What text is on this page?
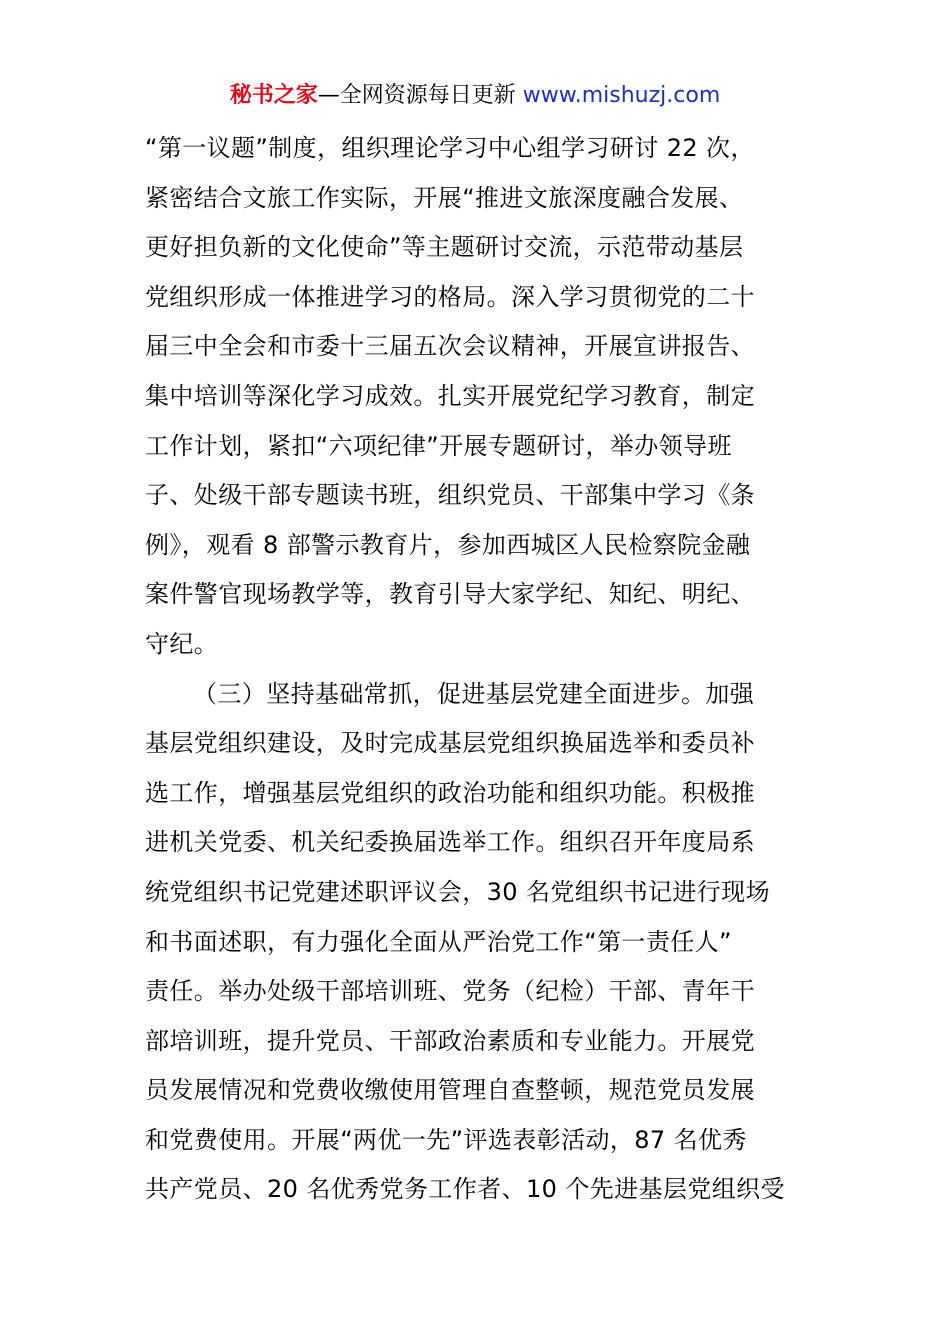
秘书之家—全网资源每日更新 www.mishuzj.com
“第一议题”制度，组织理论学习中心组学习研讨 22 次，
紧密结合文旅工作实际，开展“推进文旅深度融合发展、
更好担负新的文化使命”等主题研讨交流，示范带动基层
党组织形成一体推进学习的格局。深入学习贯彻党的二十
届三中全会和市委十三届五次会议精神，开展宣讲报告、
集中培训等深化学习成效。扎实开展党纪学习教育，制定
工作计划，紧扣“六项纪律”开展专题研讨，举办领导班
子、处级干部专题读书班，组织党员、干部集中学习《条
例》，观看 8 部警示教育片，参加西城区人民检察院金融
案件警官现场教学等，教育引导大家学纪、知纪、明纪、
守纪。
（三）坚持基础常抓，促进基层党建全面进步。加强
基层党组织建设，及时完成基层党组织换届选举和委员补
选工作，增强基层党组织的政治功能和组织功能。积极推
进机关党委、机关纪委换届选举工作。组织召开年度局系
统党组织书记党建述职评议会，30 名党组织书记进行现场
和书面述职，有力强化全面从严治党工作“第一责任人”
责任。举办处级干部培训班、党务（纪检）干部、青年干
部培训班，提升党员、干部政治素质和专业能力。开展党
员发展情况和党费收缴使用管理自查整顿，规范党员发展
和党费使用。开展“两优一先”评选表彰活动，87 名优秀
共产党员、20 名优秀党务工作者、10 个先进基层党组织受
